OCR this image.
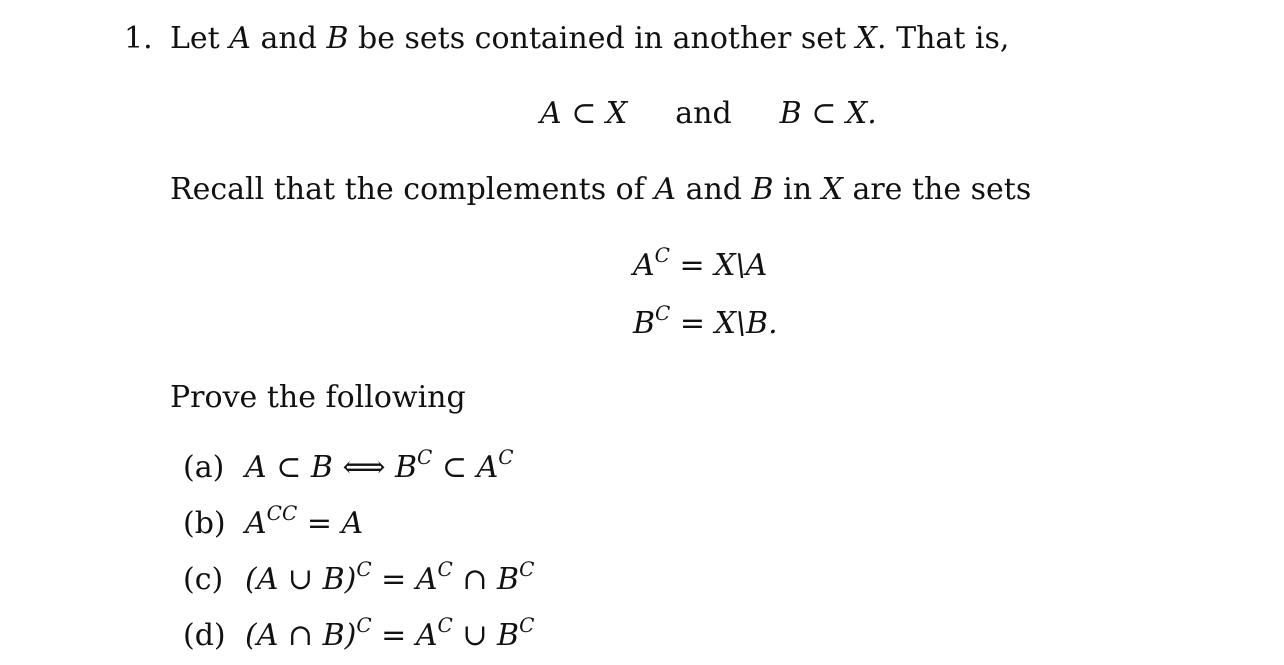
1. Let A and B be sets contained in another set X. That is,
A ⊂ X and B ⊂ X.
Recall that the complements of A and B in X are the sets
$A^C$ = X\A
$B^C$ = X\B.
Prove the following
(a) A ⊂ B ⟺ $B^C$ ⊂ $A^C$
(b) $A^{CC} = A$
(c) (A ∪ $B)^C = A^C$ ∩ $B^C$
(d) (A ∩ $B)^C = A^C$ ∪ $B^C$
